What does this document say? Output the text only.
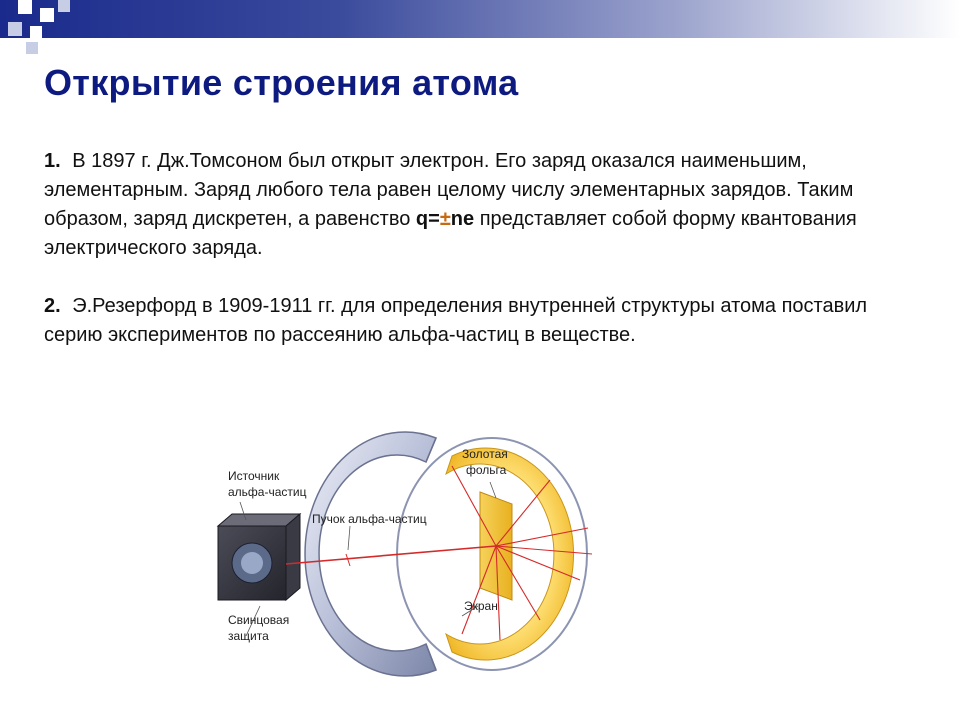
Открытие строения атома
1. В 1897 г. Дж.Томсоном был открыт электрон. Его заряд оказался наименьшим, элементарным. Заряд любого тела равен целому числу элементарных зарядов. Таким образом, заряд дискретен, а равенство q=±ne представляет собой форму квантования электрического заряда.
2. Э.Резерфорд в 1909-1911 гг. для определения внутренней структуры атома поставил серию экспериментов по рассеянию альфа-частиц в веществе.
Источник
альфа-частиц
Пучок альфа-частиц
Золотая
фольга
Экран
Свинцовая
защита
